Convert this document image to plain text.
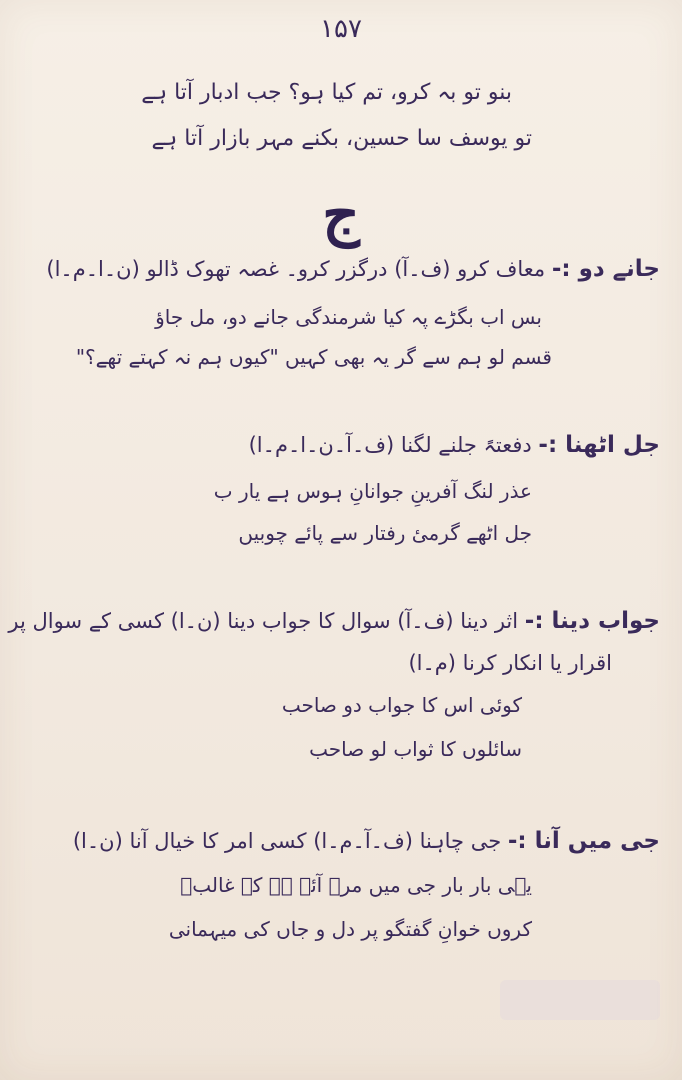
۱۵۷
بنو تو بہ کرو، تم کیا ہو؟ جب ادبار آتا ہے
تو یوسف سا حسین، بکنے مہر بازار آتا ہے
ج
جانے دو :- معاف کرو (ف۔آ) درگزر کرو۔ غصہ تھوک ڈالو (ن۔ا۔م۔ا)
بس اب بگڑے پہ کیا شرمندگی جانے دو، مل جاؤ
قسم لو ہم سے گر یہ بھی کہیں "کیوں ہم نہ کہتے تھے؟"
جل اٹھنا :- دفعتہً جلنے لگنا (ف۔آ۔ن۔ا۔م۔ا)
عذر لنگ آفرینِ جوانانِ ہوس ہے یار ب
جل اٹھے گرمیٔ رفتار سے پائے چوبیں
جواب دینا :- اثر دینا (ف۔آ) سوال کا جواب دینا (ن۔ا) کسی کے سوال پر
اقرار یا انکار کرنا (م۔ا)
کوئی اس کا جواب دو صاحب
سائلوں کا ثواب لو صاحب
جی میں آنا :- جی چاہنا (ف۔آ۔م۔ا) کسی امر کا خیال آنا (ن۔ا)
یہی بار بار جی میں مرے آئے ہے کہ غالبؔ
کروں خوانِ گفتگو پر دل و جاں کی میہمانی
